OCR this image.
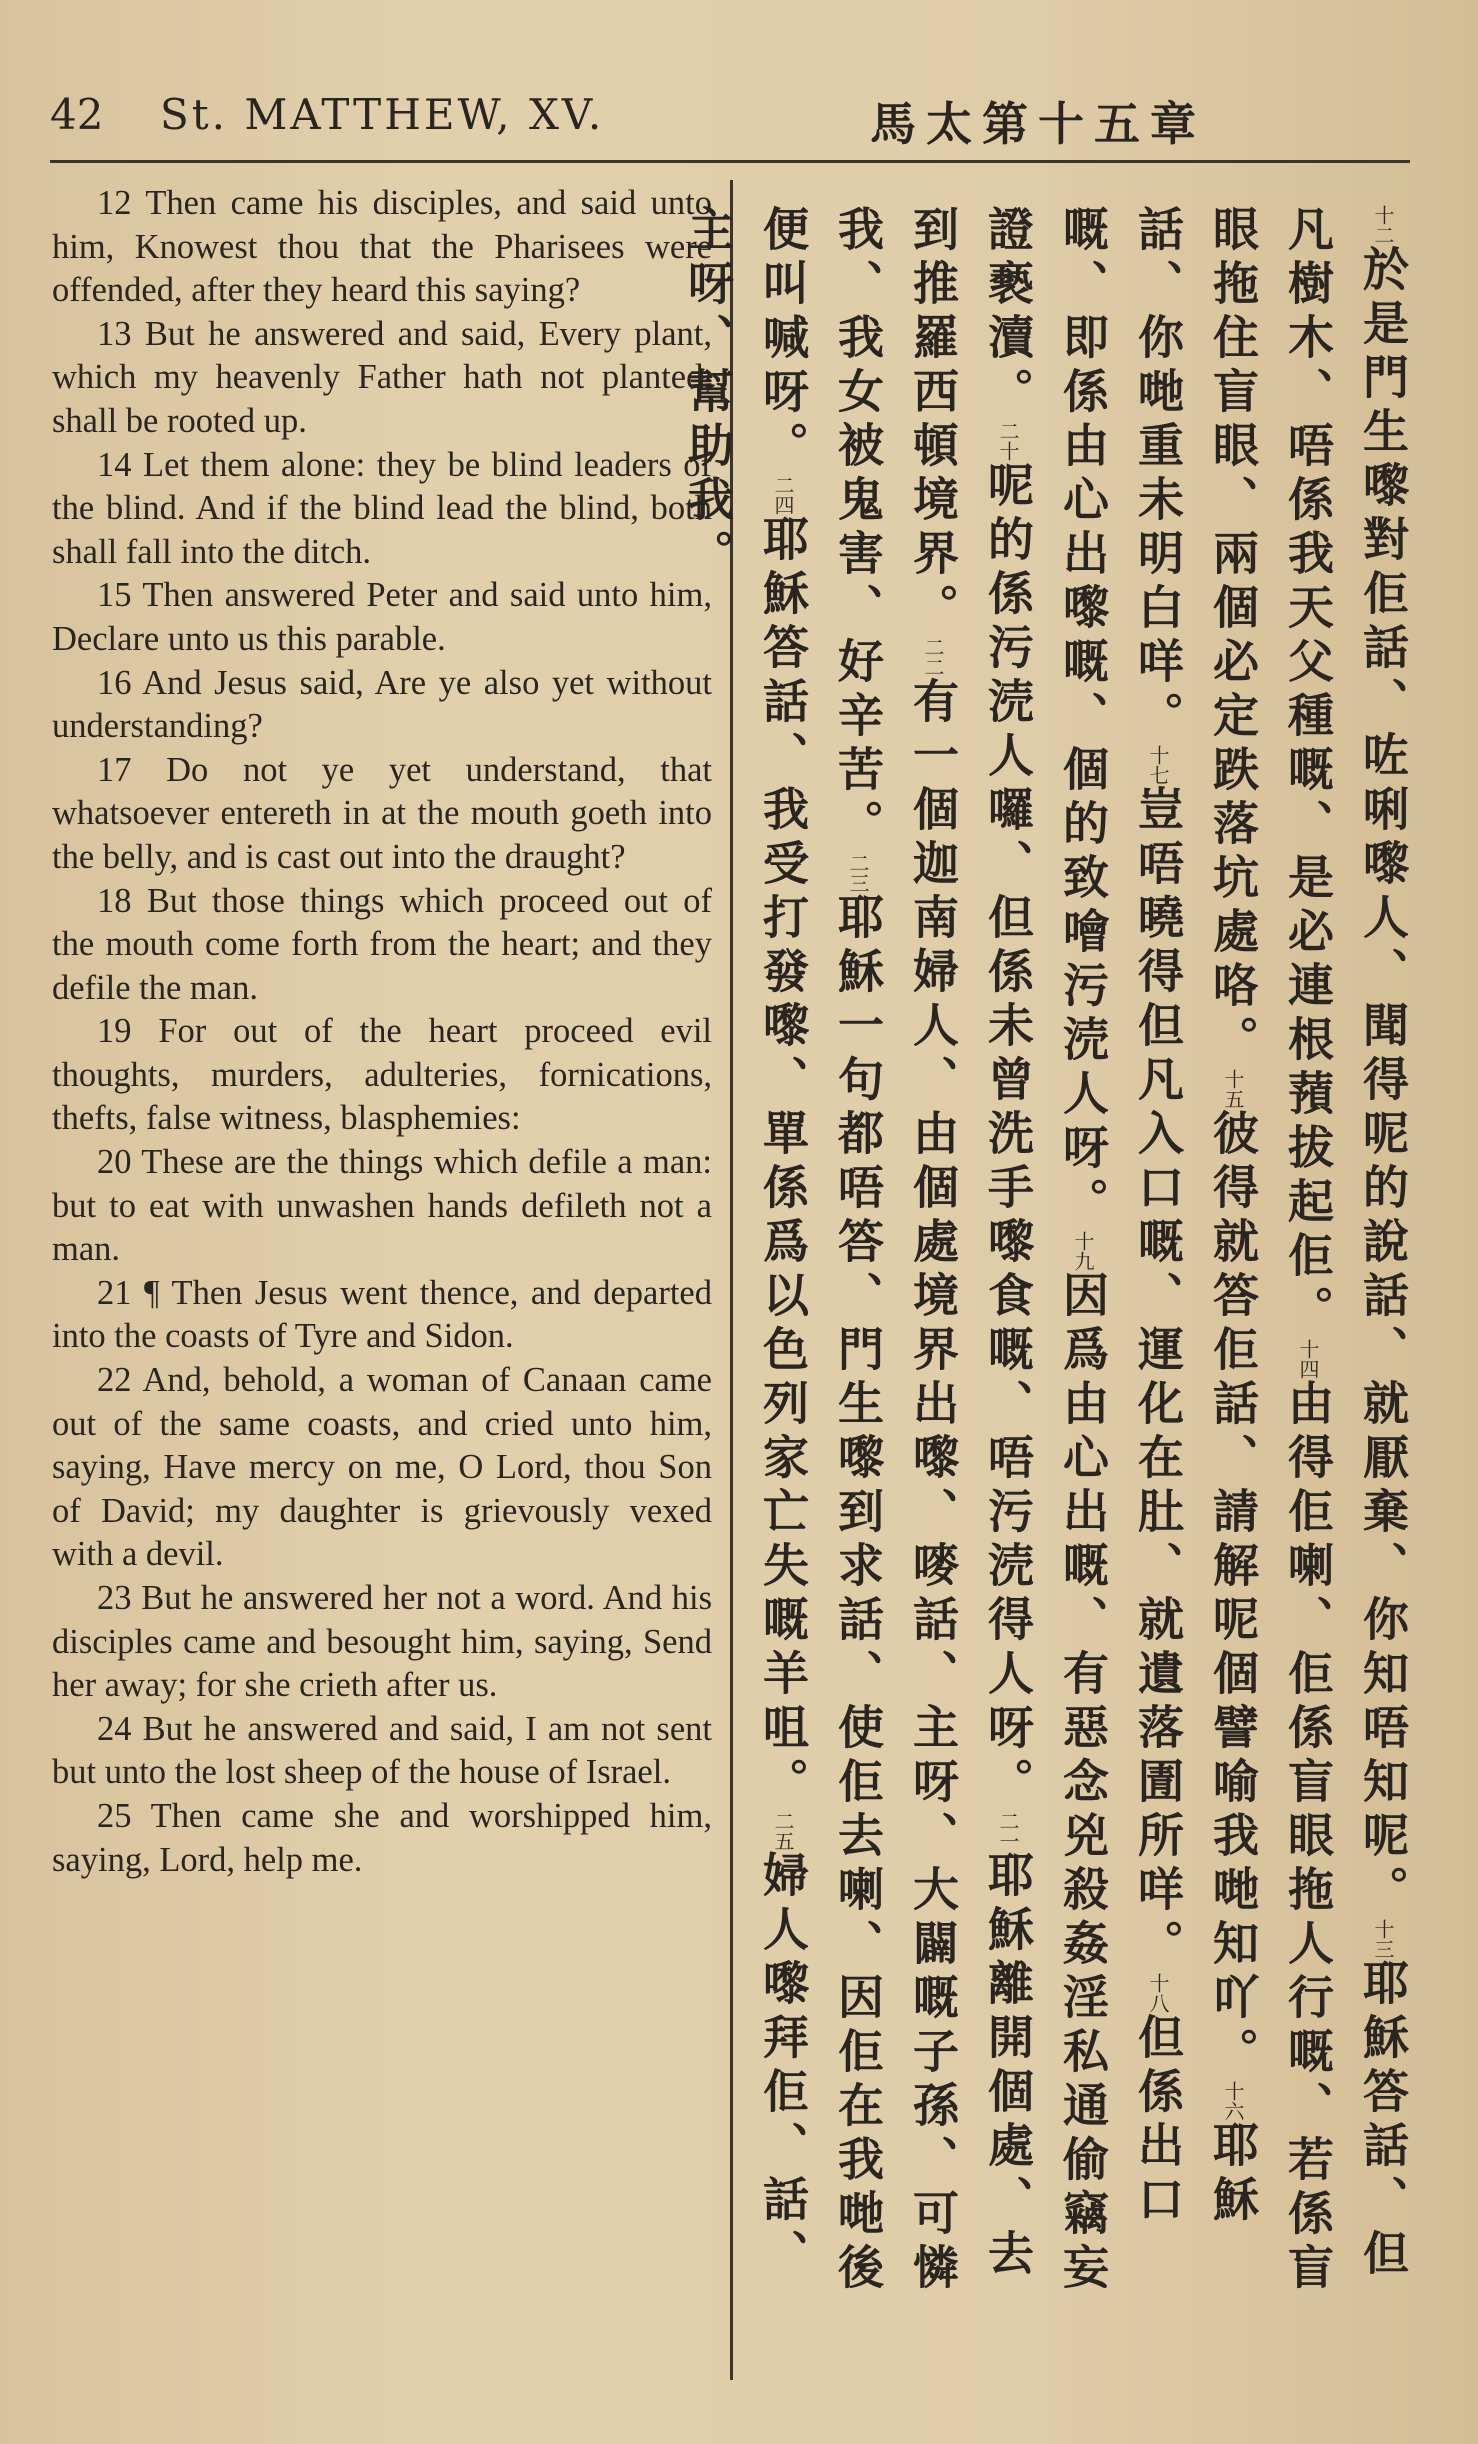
42 St. MATTHEW, XV.	馬太第十五章

12 Then came his disciples, and said unto him, Knowest thou that the Pharisees were offended, after they heard this saying?

13 But he answered and said, Every plant, which my heavenly Father hath not planted, shall be rooted up.

14 Let them alone: they be blind leaders of the blind. And if the blind lead the blind, both shall fall into the ditch.

15 Then answered Peter and said unto him, Declare unto us this parable.

16 And Jesus said, Are ye also yet without understanding?

17 Do not ye yet understand, that whatsoever entereth in at the mouth goeth into the belly, and is cast out into the draught?

18 But those things which proceed out of the mouth come forth from the heart; and they defile the man.

19 For out of the heart proceed evil thoughts, murders, adulteries, fornications, thefts, false witness, blasphemies:

20 These are the things which defile a man: but to eat with unwashen hands defileth not a man.

21 ¶ Then Jesus went thence, and departed into the coasts of Tyre and Sidon.

22 And, behold, a woman of Canaan came out of the same coasts, and cried unto him, saying, Have mercy on me, O Lord, thou Son of David; my daughter is grievously vexed with a devil.

23 But he answered her not a word. And his disciples came and besought him, saying, Send her away; for she crieth after us.

24 But he answered and said, I am not sent but unto the lost sheep of the house of Israel.

25 Then came she and worshipped him, saying, Lord, help me.

十二於是門生嚟對佢話、咗唎嚟人、聞得呢的說話、就厭棄、你知唔知呢。

十三耶穌答話、但凡樹木、唔係我天父種嘅、是必連根蕷拔起佢。

十四由得佢喇、佢係盲眼拖人行嘅、若係盲眼拖住盲眼、兩個必定跌落坑處咯。

十五彼得就答佢話、請解呢個譬喻我哋知吖。

十六耶穌話、你哋重未明白咩。

十七豈唔曉得但凡入口嘅、運化在肚、就遺落圊所咩。

十八但係出口嘅、即係由心出嚟嘅、個的致噲污涜人呀。

十九因爲由心出嘅、有惡念兇殺姦淫私通偷竊妄證褻瀆。

二十呢的係污涜人囉、但係未曾洗手嚟食嘅、唔污涜得人呀。

二一耶穌離開個處、去到推羅西頓境界。

二二有一個迦南婦人、由個處境界出嚟、嘜話、主呀、大闢嘅子孫、可憐我、我女被鬼害、好辛苦。

二三耶穌一句都唔答、門生嚟到求話、使佢去喇、因佢在我哋後便叫喊呀。

二四耶穌答話、我受打發嚟、單係爲以色列家亡失嘅羊咀。

二五婦人嚟拜佢、話、主呀、幫助我。
